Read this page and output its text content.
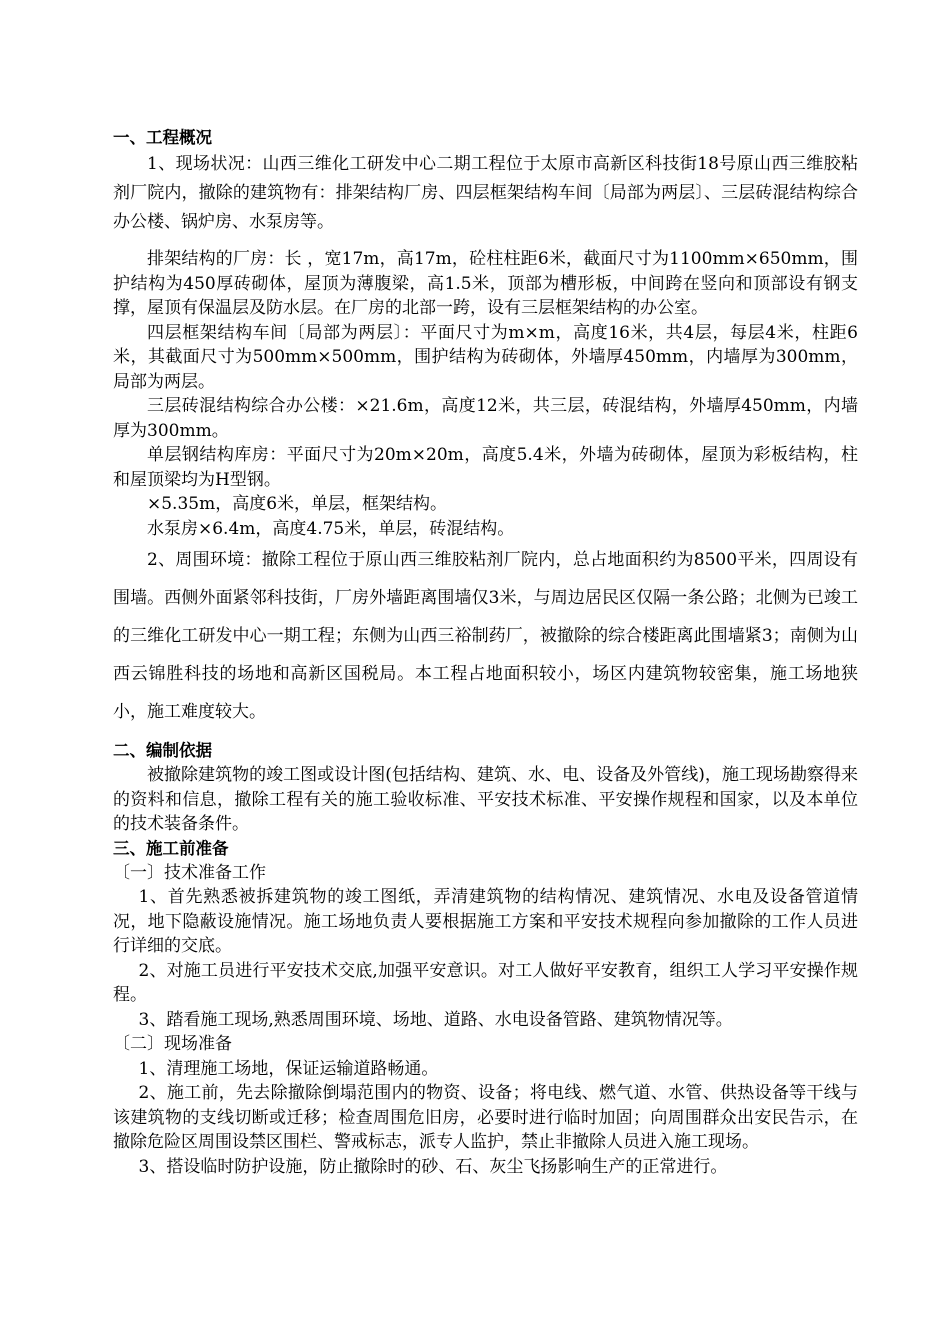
一、工程概况

1、现场状况：山西三维化工研发中心二期工程位于太原市高新区科技街18号原山西三维胶粘剂厂院内，撤除的建筑物有：排架结构厂房、四层框架结构车间〔局部为两层〕、三层砖混结构综合办公楼、锅炉房、水泵房等。

排架结构的厂房：长 ，宽17m，高17m，砼柱柱距6米，截面尺寸为1100mm×650mm，围护结构为450厚砖砌体，屋顶为薄腹梁，高1.5米，顶部为槽形板，中间跨在竖向和顶部设有钢支撑，屋顶有保温层及防水层。在厂房的北部一跨，设有三层框架结构的办公室。

四层框架结构车间〔局部为两层〕：平面尺寸为m×m，高度16米，共4层，每层4米，柱距6米，其截面尺寸为500mm×500mm，围护结构为砖砌体，外墙厚450mm，内墙厚为300mm，局部为两层。

三层砖混结构综合办公楼：×21.6m，高度12米，共三层，砖混结构，外墙厚450mm，内墙厚为300mm。

单层钢结构库房：平面尺寸为20m×20m，高度5.4米，外墙为砖砌体，屋顶为彩板结构，柱和屋顶梁均为H型钢。

×5.35m，高度6米，单层，框架结构。

水泵房×6.4m，高度4.75米，单层，砖混结构。

2、周围环境：撤除工程位于原山西三维胶粘剂厂院内，总占地面积约为8500平米，四周设有围墙。西侧外面紧邻科技街，厂房外墙距离围墙仅3米，与周边居民区仅隔一条公路；北侧为已竣工的三维化工研发中心一期工程；东侧为山西三裕制药厂，被撤除的综合楼距离此围墙紧3；南侧为山西云锦胜科技的场地和高新区国税局。本工程占地面积较小，场区内建筑物较密集，施工场地狭小，施工难度较大。

二、编制依据

被撤除建筑物的竣工图或设计图(包括结构、建筑、水、电、设备及外管线)，施工现场勘察得来的资料和信息，撤除工程有关的施工验收标准、平安技术标准、平安操作规程和国家，以及本单位的技术装备条件。

三、施工前准备

〔一〕技术准备工作

1、首先熟悉被拆建筑物的竣工图纸，弄清建筑物的结构情况、建筑情况、水电及设备管道情况，地下隐蔽设施情况。施工场地负责人要根据施工方案和平安技术规程向参加撤除的工作人员进行详细的交底。

2、对施工员进行平安技术交底,加强平安意识。对工人做好平安教育，组织工人学习平安操作规程。

3、踏看施工现场,熟悉周围环境、场地、道路、水电设备管路、建筑物情况等。

〔二〕现场准备

1、清理施工场地，保证运输道路畅通。

2、施工前，先去除撤除倒塌范围内的物资、设备；将电线、燃气道、水管、供热设备等干线与该建筑物的支线切断或迁移；检查周围危旧房，必要时进行临时加固；向周围群众出安民告示，在撤除危险区周围设禁区围栏、警戒标志，派专人监护，禁止非撤除人员进入施工现场。

3、搭设临时防护设施，防止撤除时的砂、石、灰尘飞扬影响生产的正常进行。
